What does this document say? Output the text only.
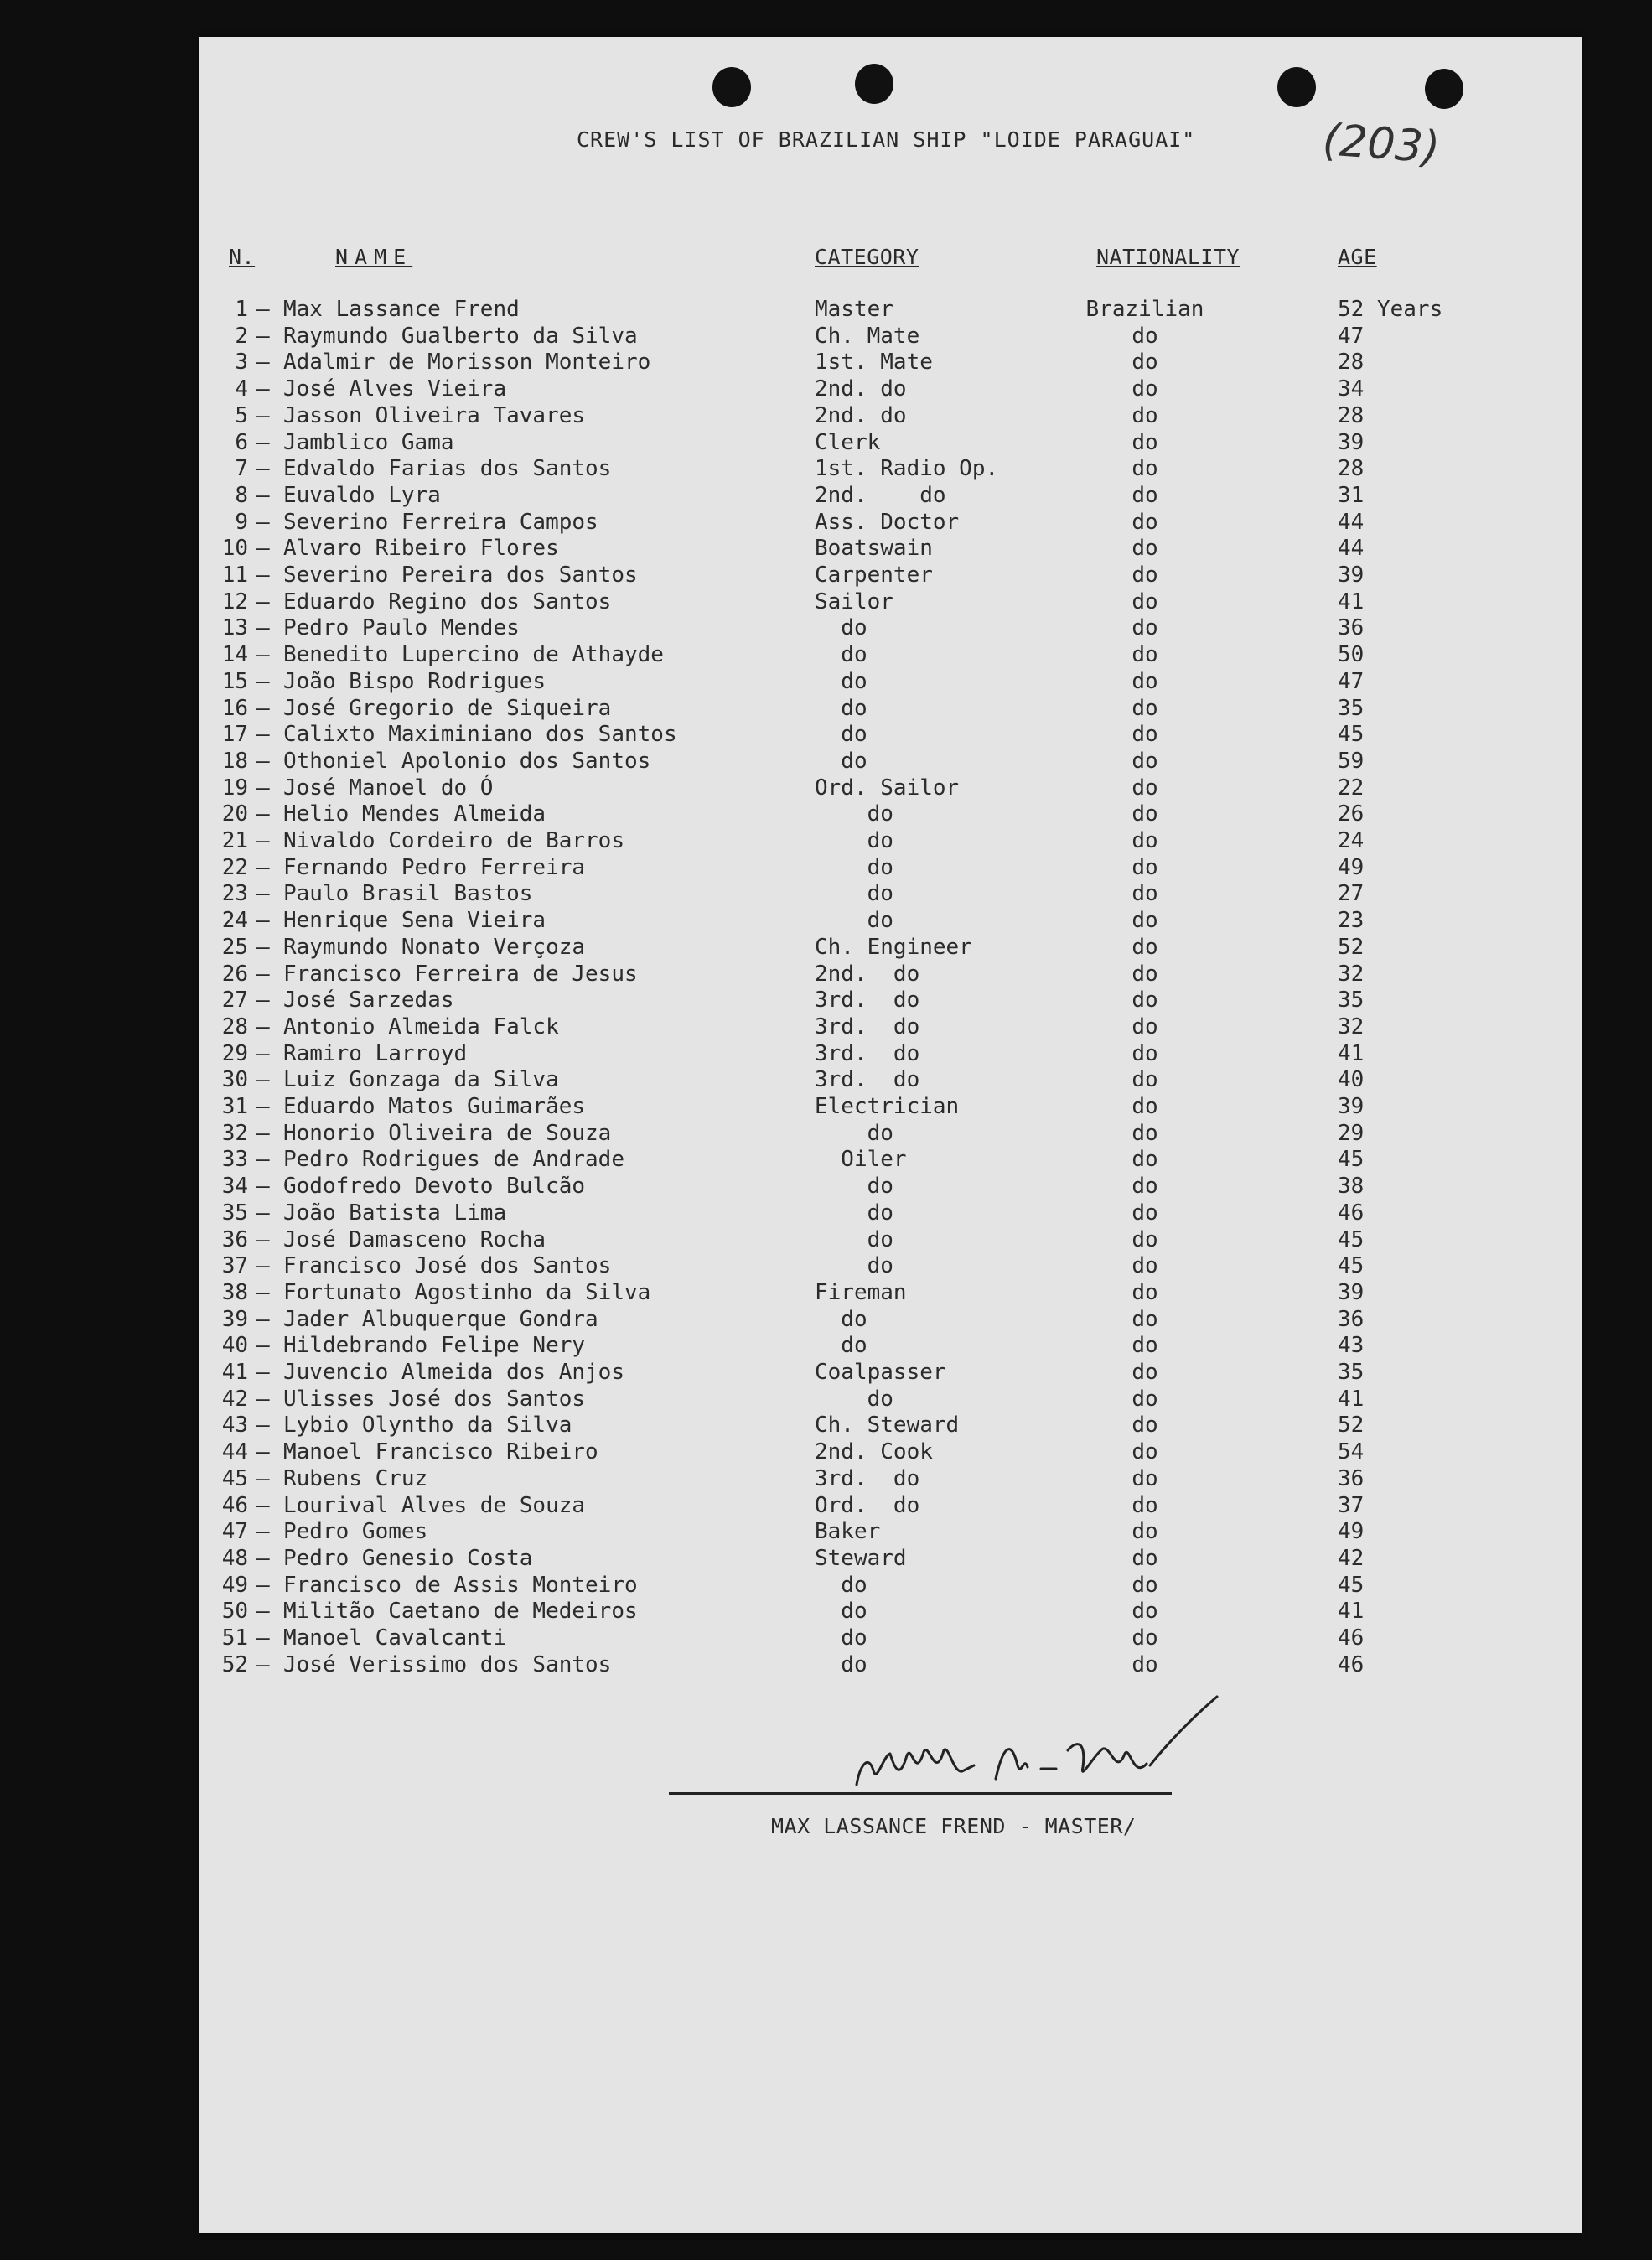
CREW'S LIST OF BRAZILIAN SHIP "LOIDE PARAGUAI"	(203)
N.	NAME	CATEGORY	NATIONALITY	AGE
1 – Max Lassance Frend	Master	Brazilian	52 Years
2 – Raymundo Gualberto da Silva	Ch. Mate	do	47
3 – Adalmir de Morisson Monteiro	1st. Mate	do	28
4 – José Alves Vieira	2nd. do	do	34
5 – Jasson Oliveira Tavares	2nd. do	do	28
6 – Jamblico Gama	Clerk	do	39
7 – Edvaldo Farias dos Santos	1st. Radio Op.	do	28
8 – Euvaldo Lyra	2nd.    do	do	31
9 – Severino Ferreira Campos	Ass. Doctor	do	44
10 – Alvaro Ribeiro Flores	Boatswain	do	44
11 – Severino Pereira dos Santos	Carpenter	do	39
12 – Eduardo Regino dos Santos	Sailor	do	41
13 – Pedro Paulo Mendes	do	do	36
14 – Benedito Lupercino de Athayde	do	do	50
15 – João Bispo Rodrigues	do	do	47
16 – José Gregorio de Siqueira	do	do	35
17 – Calixto Maximiniano dos Santos	do	do	45
18 – Othoniel Apolonio dos Santos	do	do	59
19 – José Manoel do Ó	Ord. Sailor	do	22
20 – Helio Mendes Almeida	do	do	26
21 – Nivaldo Cordeiro de Barros	do	do	24
22 – Fernando Pedro Ferreira	do	do	49
23 – Paulo Brasil Bastos	do	do	27
24 – Henrique Sena Vieira	do	do	23
25 – Raymundo Nonato Verçoza	Ch. Engineer	do	52
26 – Francisco Ferreira de Jesus	2nd.  do	do	32
27 – José Sarzedas	3rd.  do	do	35
28 – Antonio Almeida Falck	3rd.  do	do	32
29 – Ramiro Larroyd	3rd.  do	do	41
30 – Luiz Gonzaga da Silva	3rd.  do	do	40
31 – Eduardo Matos Guimarães	Electrician	do	39
32 – Honorio Oliveira de Souza	do	do	29
33 – Pedro Rodrigues de Andrade	Oiler	do	45
34 – Godofredo Devoto Bulcão	do	do	38
35 – João Batista Lima	do	do	46
36 – José Damasceno Rocha	do	do	45
37 – Francisco José dos Santos	do	do	45
38 – Fortunato Agostinho da Silva	Fireman	do	39
39 – Jader Albuquerque Gondra	do	do	36
40 – Hildebrando Felipe Nery	do	do	43
41 – Juvencio Almeida dos Anjos	Coalpasser	do	35
42 – Ulisses José dos Santos	do	do	41
43 – Lybio Olyntho da Silva	Ch. Steward	do	52
44 – Manoel Francisco Ribeiro	2nd. Cook	do	54
45 – Rubens Cruz	3rd.  do	do	36
46 – Lourival Alves de Souza	Ord.  do	do	37
47 – Pedro Gomes	Baker	do	49
48 – Pedro Genesio Costa	Steward	do	42
49 – Francisco de Assis Monteiro	do	do	45
50 – Militão Caetano de Medeiros	do	do	41
51 – Manoel Cavalcanti	do	do	46
52 – José Verissimo dos Santos	do	do	46
MAX LASSANCE FREND - MASTER/
